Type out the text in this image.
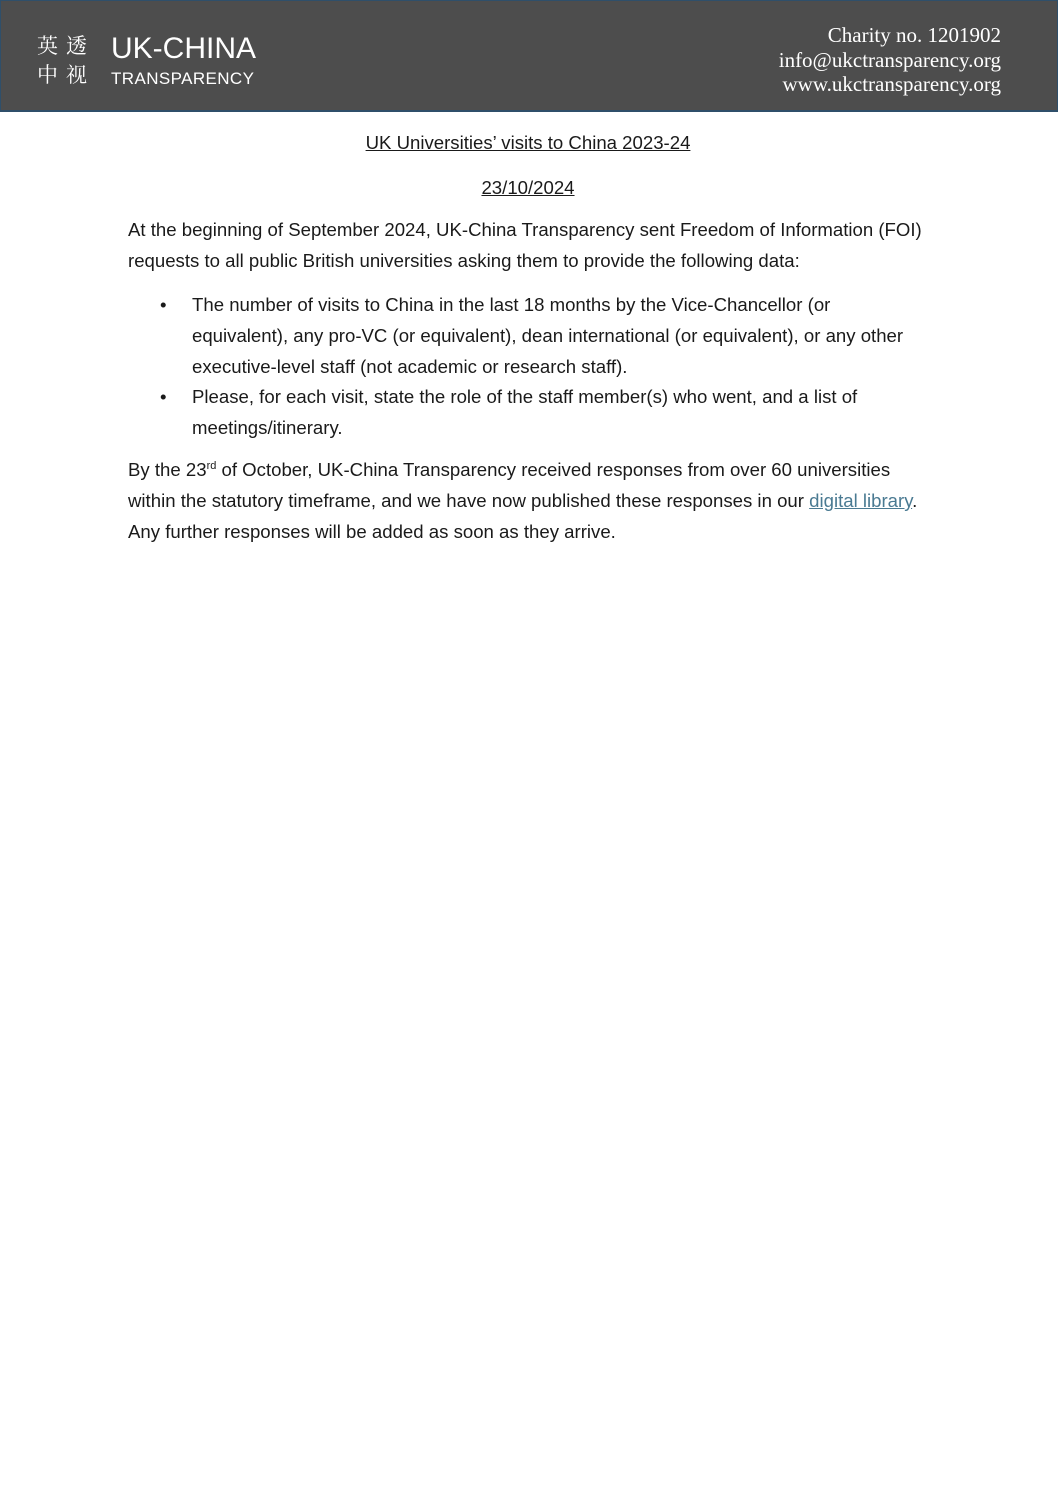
英透
中视
UK-CHINA
TRANSPARENCY
Charity no. 1201902
info@ukctransparency.org
www.ukctransparency.org

UK Universities’ visits to China 2023-24

23/10/2024

At the beginning of September 2024, UK-China Transparency sent Freedom of Information (FOI) requests to all public British universities asking them to provide the following data:

• The number of visits to China in the last 18 months by the Vice-Chancellor (or equivalent), any pro-VC (or equivalent), dean international (or equivalent), or any other executive-level staff (not academic or research staff).
• Please, for each visit, state the role of the staff member(s) who went, and a list of meetings/itinerary.

By the 23rd of October, UK-China Transparency received responses from over 60 universities within the statutory timeframe, and we have now published these responses in our digital library. Any further responses will be added as soon as they arrive.
